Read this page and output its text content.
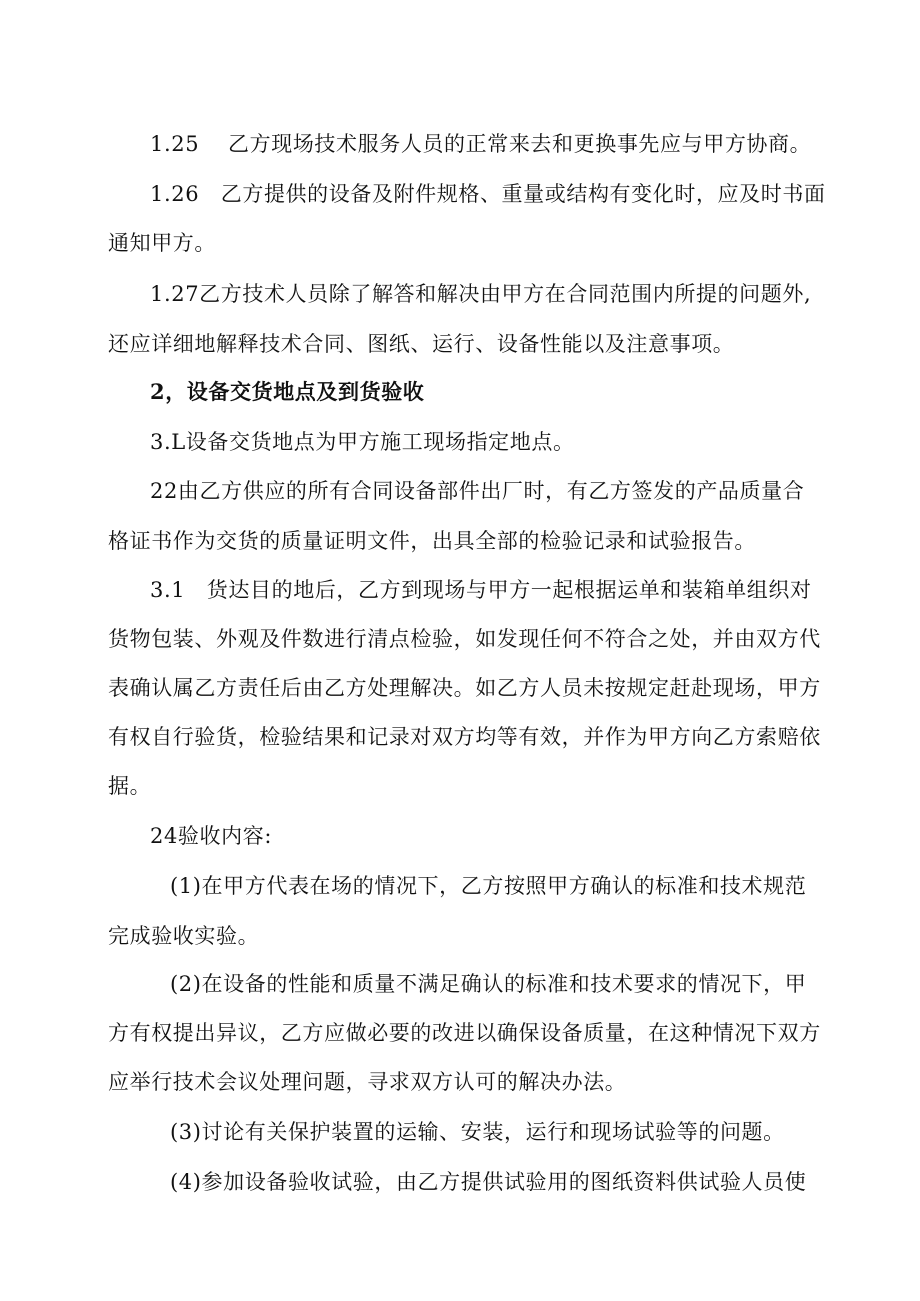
1.25　 乙方现场技术服务人员的正常来去和更换事先应与甲方协商。
1.26　乙方提供的设备及附件规格、重量或结构有变化时，应及时书面
通知甲方。
1.27乙方技术人员除了解答和解决由甲方在合同范围内所提的问题外,
还应详细地解释技术合同、图纸、运行、设备性能以及注意事项。
2，设备交货地点及到货验收
3.L设备交货地点为甲方施工现场指定地点。
22由乙方供应的所有合同设备部件出厂时，有乙方签发的产品质量合
格证书作为交货的质量证明文件，出具全部的检验记录和试验报告。
3.1　货达目的地后，乙方到现场与甲方一起根据运单和装箱单组织对
货物包装、外观及件数进行清点检验，如发现任何不符合之处，并由双方代
表确认属乙方责任后由乙方处理解决。如乙方人员未按规定赶赴现场，甲方
有权自行验货，检验结果和记录对双方均等有效，并作为甲方向乙方索赔依
据。
24验收内容:
(1)在甲方代表在场的情况下，乙方按照甲方确认的标准和技术规范
完成验收实验。
(2)在设备的性能和质量不满足确认的标准和技术要求的情况下，甲
方有权提出异议，乙方应做必要的改进以确保设备质量，在这种情况下双方
应举行技术会议处理问题，寻求双方认可的解决办法。
(3)讨论有关保护装置的运输、安装，运行和现场试验等的问题。
(4)参加设备验收试验，由乙方提供试验用的图纸资料供试验人员使
